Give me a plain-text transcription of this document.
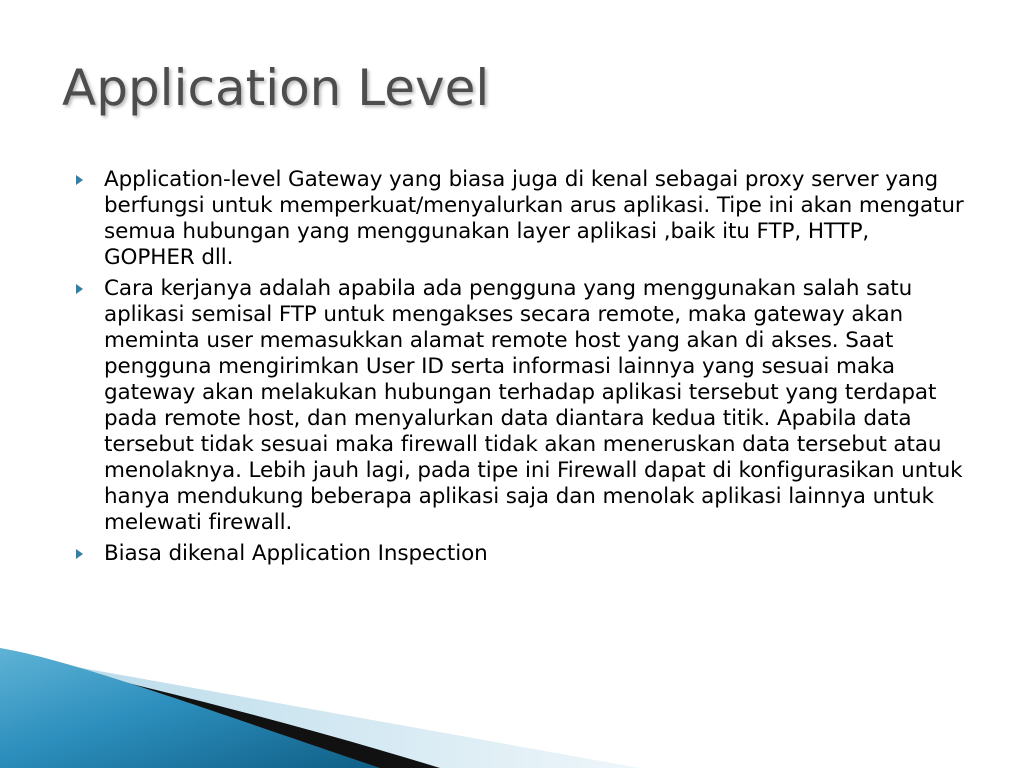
Application Level
Application-level Gateway yang biasa juga di kenal sebagai proxy server yang berfungsi untuk memperkuat/menyalurkan arus aplikasi. Tipe ini akan mengatur semua hubungan yang menggunakan layer aplikasi ,baik itu FTP, HTTP, GOPHER dll.
Cara kerjanya adalah apabila ada pengguna yang menggunakan salah satu aplikasi semisal FTP untuk mengakses secara remote, maka gateway akan meminta user memasukkan alamat remote host yang akan di akses. Saat pengguna mengirimkan User ID serta informasi lainnya yang sesuai maka gateway akan melakukan hubungan terhadap aplikasi tersebut yang terdapat pada remote host, dan menyalurkan data diantara kedua titik. Apabila data tersebut tidak sesuai maka firewall tidak akan meneruskan data tersebut atau menolaknya. Lebih jauh lagi, pada tipe ini Firewall dapat di konfigurasikan untuk hanya mendukung beberapa aplikasi saja dan menolak aplikasi lainnya untuk melewati firewall.
Biasa dikenal Application Inspection
